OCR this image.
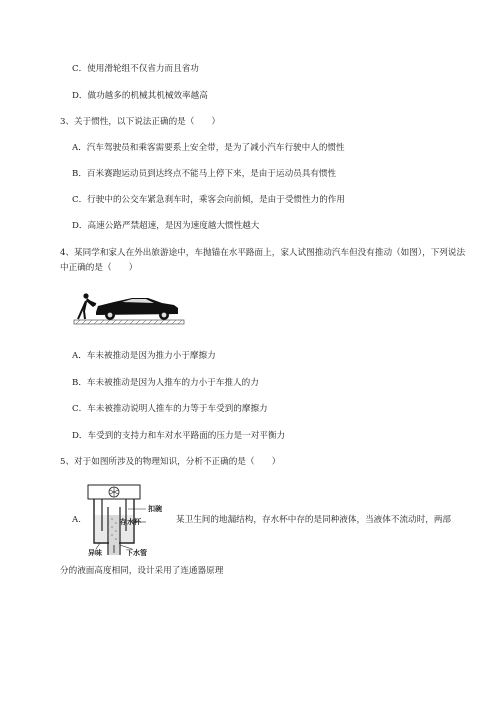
C．使用滑轮组不仅省力而且省功
D．做功越多的机械其机械效率越高
3、关于惯性，以下说法正确的是（　　）
A．汽车驾驶员和乘客需要系上安全带，是为了减小汽车行驶中人的惯性
B．百米赛跑运动员到达终点不能马上停下来，是由于运动员具有惯性
C．行驶中的公交车紧急刹车时，乘客会向前倾，是由于受惯性力的作用
D．高速公路严禁超速，是因为速度越大惯性越大
4、某同学和家人在外出旅游途中，车抛锚在水平路面上，家人试图推动汽车但没有推动（如图），下列说法中正确的是（　　）
A．车未被推动是因为推力小于摩擦力
B．车未被推动是因为人推车的力小于车推人的力
C．车未被推动说明人推车的力等于车受到的摩擦力
D．车受到的支持力和车对水平路面的压力是一对平衡力
5、对于如图所涉及的物理知识，分析不正确的是（　　）
A.
扣碗
存水杯
异味	下水管
某卫生间的地漏结构，存水杯中存的是同种液体，当液体不流动时，两部
分的液面高度相同，设计采用了连通器原理
